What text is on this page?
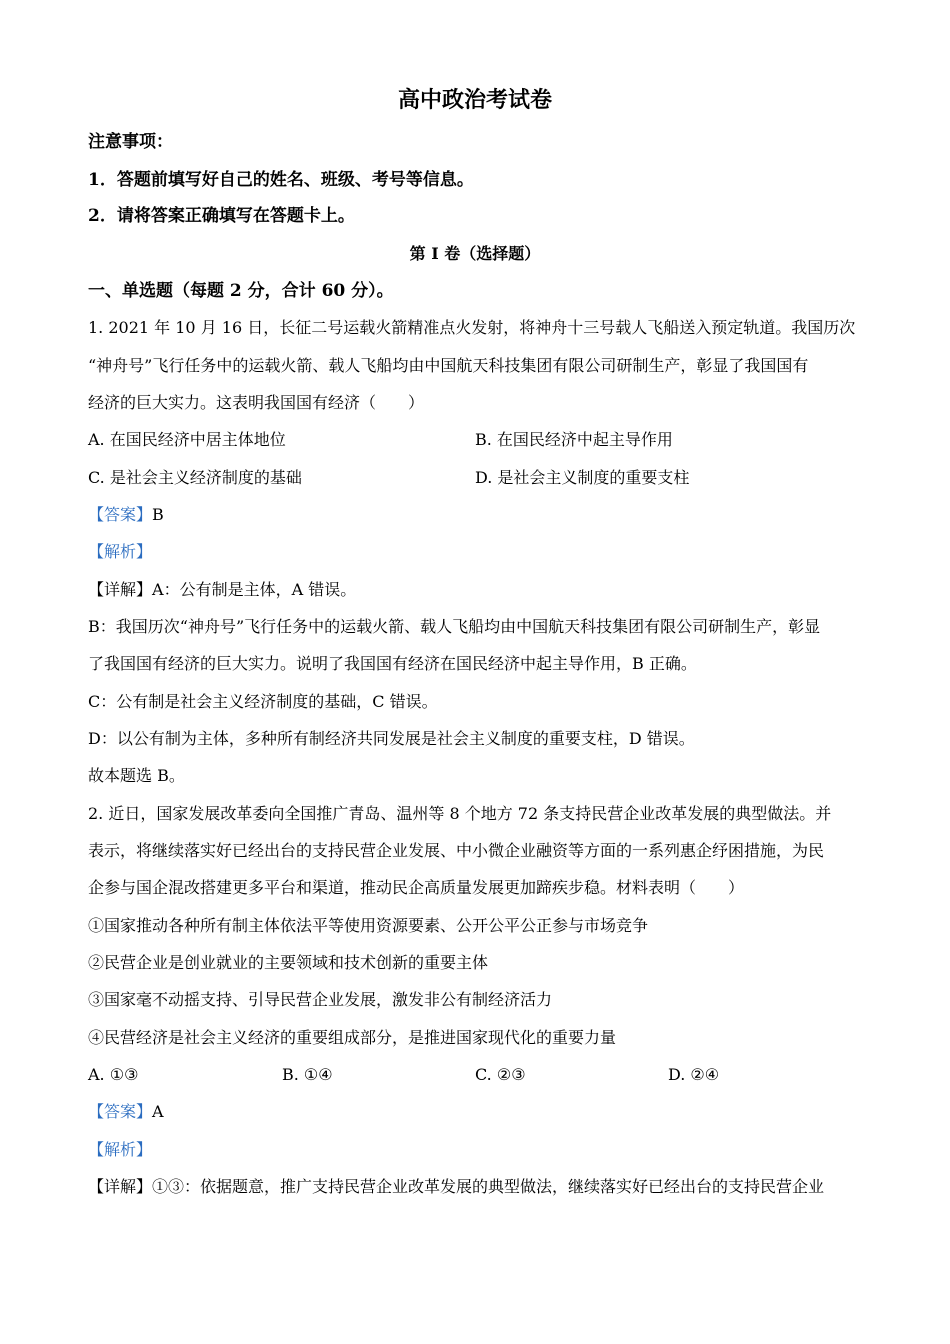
高中政治考试卷
注意事项：
1．答题前填写好自己的姓名、班级、考号等信息。
2．请将答案正确填写在答题卡上。
第 I 卷（选择题）
一、单选题（每题 2 分，合计 60 分）。
1. 2021 年 10 月 16 日，长征二号运载火箭精准点火发射，将神舟十三号载人飞船送入预定轨道。我国历次
“神舟号”飞行任务中的运载火箭、载人飞船均由中国航天科技集团有限公司研制生产，彰显了我国国有
经济的巨大实力。这表明我国国有经济（　　）
A. 在国民经济中居主体地位	B. 在国民经济中起主导作用
C. 是社会主义经济制度的基础	D. 是社会主义制度的重要支柱
【答案】B
【解析】
【详解】A：公有制是主体，A 错误。
B：我国历次“神舟号”飞行任务中的运载火箭、载人飞船均由中国航天科技集团有限公司研制生产，彰显
了我国国有经济的巨大实力。说明了我国国有经济在国民经济中起主导作用，B 正确。
C：公有制是社会主义经济制度的基础，C 错误。
D：以公有制为主体，多种所有制经济共同发展是社会主义制度的重要支柱，D 错误。
故本题选 B。
2. 近日，国家发展改革委向全国推广青岛、温州等 8 个地方 72 条支持民营企业改革发展的典型做法。并
表示，将继续落实好已经出台的支持民营企业发展、中小微企业融资等方面的一系列惠企纾困措施，为民
企参与国企混改搭建更多平台和渠道，推动民企高质量发展更加蹄疾步稳。材料表明（　　）
①国家推动各种所有制主体依法平等使用资源要素、公开公平公正参与市场竞争
②民营企业是创业就业的主要领域和技术创新的重要主体
③国家毫不动摇支持、引导民营企业发展，激发非公有制经济活力
④民营经济是社会主义经济的重要组成部分，是推进国家现代化的重要力量
A. ①③	B. ①④	C. ②③	D. ②④
【答案】A
【解析】
【详解】①③：依据题意，推广支持民营企业改革发展的典型做法，继续落实好已经出台的支持民营企业
